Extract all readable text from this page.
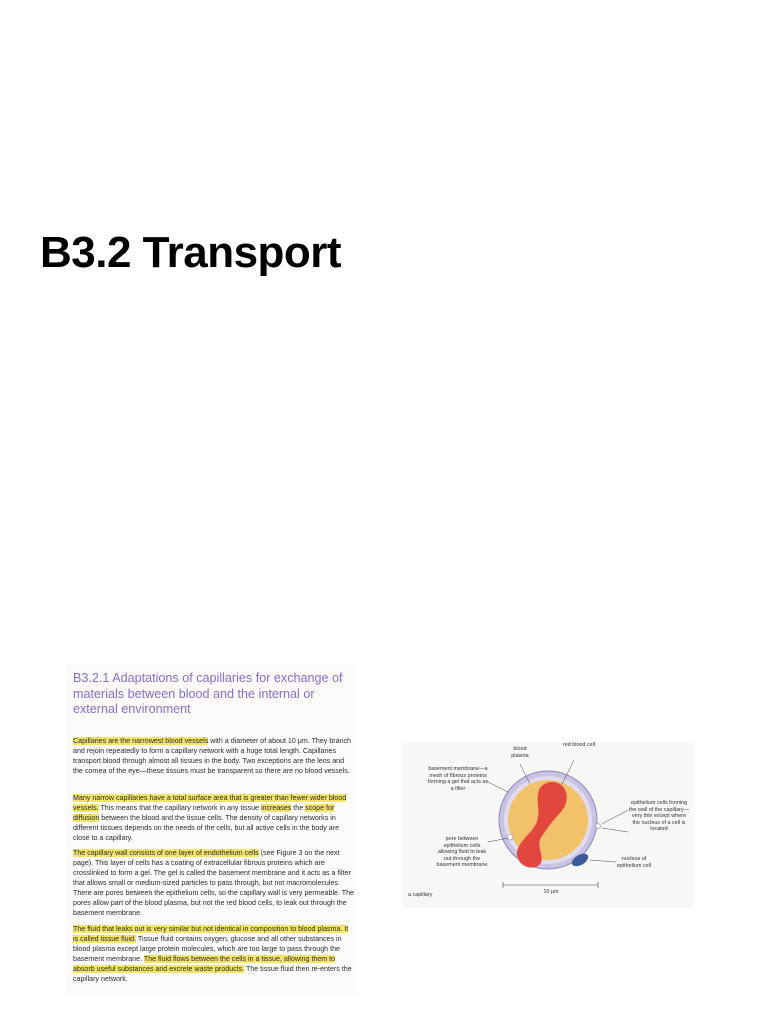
B3.2 Transport
B3.2.1 Adaptations of capillaries for exchange of materials between blood and the internal or external environment

Capillaries are the narrowest blood vessels with a diameter of about 10 μm. They branch and rejoin repeatedly to form a capillary network with a huge total length. Capillaries transport blood through almost all tissues in the body. Two exceptions are the lens and the cornea of the eye—these tissues must be transparent so there are no blood vessels.

Many narrow capillaries have a total surface area that is greater than fewer wider blood vessels. This means that the capillary network in any tissue increases the scope for diffusion between the blood and the tissue cells. The density of capillary networks in different tissues depends on the needs of the cells, but all active cells in the body are close to a capillary.

The capillary wall consists of one layer of endothelium cells (see Figure 3 on the next page). This layer of cells has a coating of extracellular fibrous proteins which are crosslinked to form a gel. The gel is called the basement membrane and it acts as a filter that allows small or medium-sized particles to pass through, but not macromolecules. There are pores between the epithelium cells, so the capillary wall is very permeable. The pores allow part of the blood plasma, but not the red blood cells, to leak out through the basement membrane.

The fluid that leaks out is very similar but not identical in composition to blood plasma. It is called tissue fluid. Tissue fluid contains oxygen, glucose and all other substances in blood plasma except large protein molecules, which are too large to pass through the basement membrane. The fluid flows between the cells in a tissue, allowing them to absorb useful substances and excrete waste products. The tissue fluid then re-enters the capillary network.

blood plasma
red blood cell
basement membrane—a mesh of fibrous proteins forming a gel that acts as a filter
epithelium cells forming the wall of the capillary—very thin except where the nucleus of a cell is located
pore between epithelium cells allowing fluid to leak out through the basement membrane
nucleus of epithelium cell
10 μm
a capillary
